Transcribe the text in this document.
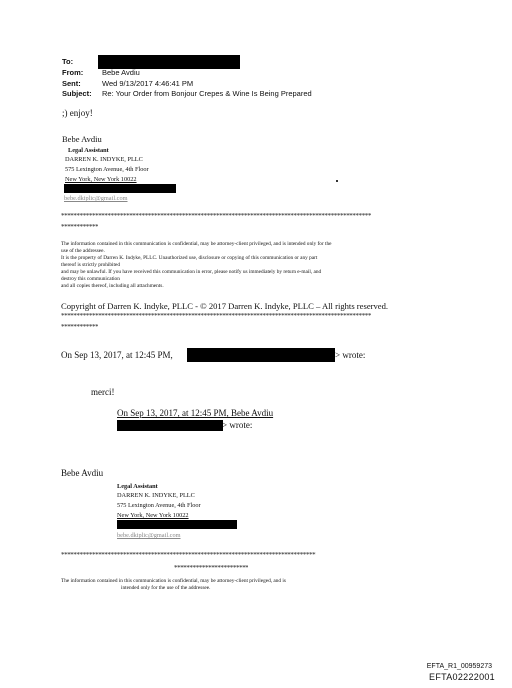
To:
From:	Bebe Avdiu
Sent:	Wed 9/13/2017 4:46:41 PM
Subject: Re: Your Order from Bonjour Crepes & Wine Is Being Prepared
;) enjoy!
Bebe Avdiu
Legal Assistant
DARREN K. INDYKE, PLLC
575 Lexington Avenue, 4th Floor
New York, New York 10022
bebe.dkiplic@gmail.com
****************************************************************************************************
************
The information contained in this communication is confidential, may be attorney-client privileged, and is intended only for the
use of the addressee.
It is the property of Darren K. Indyke, PLLC. Unauthorized use, disclosure or copying of this communication or any part
thereof is strictly prohibited
and may be unlawful. If you have received this communication in error, please notify us immediately by return e-mail, and
destroy this communication
and all copies thereof, including all attachments.
Copyright of Darren K. Indyke, PLLC - © 2017 Darren K. Indyke, PLLC – All rights reserved.
****************************************************************************************************
************
On Sep 13, 2017, at 12:45 PM,	> wrote:
merci!
On Sep 13, 2017, at 12:45 PM, Bebe Avdiu
> wrote:
Bebe Avdiu
Legal Assistant
DARREN K. INDYKE, PLLC
575 Lexington Avenue, 4th Floor
New York, New York 10022
bebe.dkiplic@gmail.com
**********************************************************************************
************************
The information contained in this communication is confidential, may be attorney-client privileged, and is
intended only for the use of the addressee.
EFTA_R1_00959273
EFTA02222001
